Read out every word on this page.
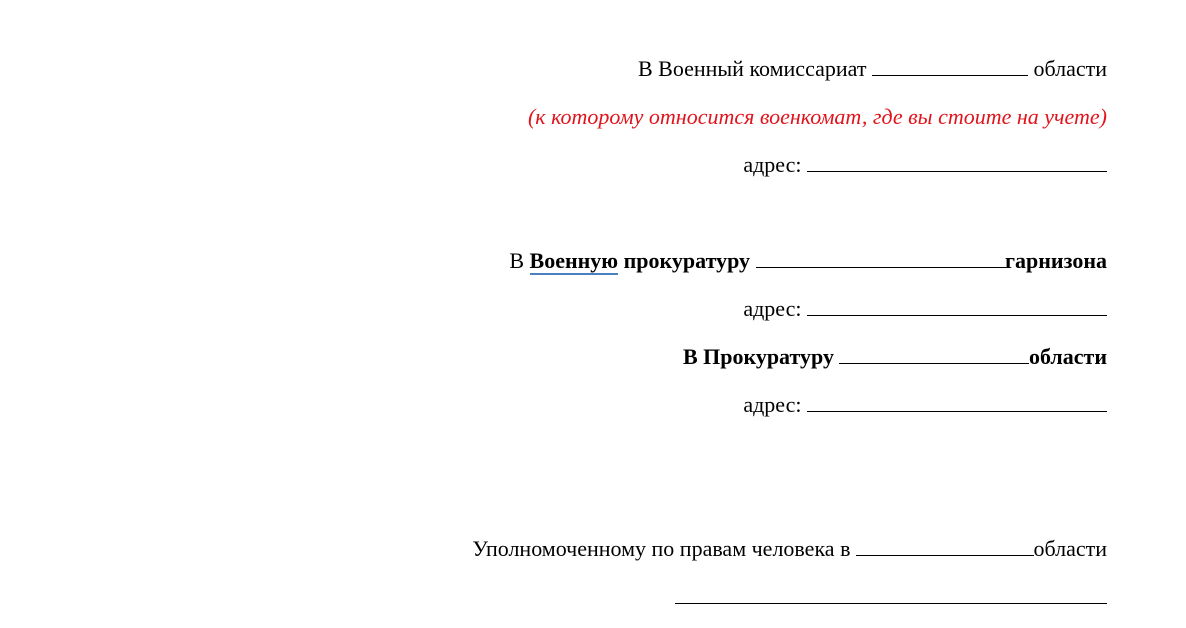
В Военный комиссариат	области
(к которому относится военкомат, где вы стоите на учете)
адрес:
В Военную прокуратуру	гарнизона
адрес:
В Прокуратуру	области
адрес:
Уполномоченному по правам человека в	области
